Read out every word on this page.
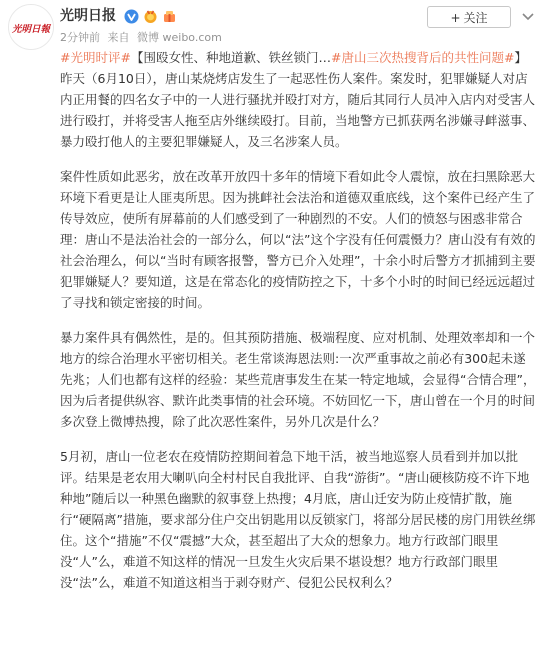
光明日報
光明日报
2分钟前 来自 微博 weibo.com
+ 关注

#光明时评#【围殴女性、种地道歉、铁丝锁门…#唐山三次热搜背后的共性问题#】昨天（6月10日），唐山某烧烤店发生了一起恶性伤人案件。案发时，犯罪嫌疑人对店内正用餐的四名女子中的一人进行骚扰并殴打对方，随后其同行人员冲入店内对受害人进行殴打，并将受害人拖至店外继续殴打。目前，当地警方已抓获两名涉嫌寻衅滋事、暴力殴打他人的主要犯罪嫌疑人，及三名涉案人员。

案件性质如此恶劣，放在改革开放四十多年的情境下看如此令人震惊，放在扫黑除恶大环境下看更是让人匪夷所思。因为挑衅社会法治和道德双重底线，这个案件已经产生了传导效应，使所有屏幕前的人们感受到了一种剧烈的不安。人们的愤怒与困惑非常合理：唐山不是法治社会的一部分么，何以“法”这个字没有任何震慑力？唐山没有有效的社会治理么，何以“当时有顾客报警，警方已介入处理”，十余小时后警方才抓捕到主要犯罪嫌疑人？要知道，这是在常态化的疫情防控之下，十多个小时的时间已经远远超过了寻找和锁定密接的时间。

暴力案件具有偶然性，是的。但其预防措施、极端程度、应对机制、处理效率却和一个地方的综合治理水平密切相关。老生常谈海恩法则:一次严重事故之前必有300起未遂先兆；人们也都有这样的经验：某些荒唐事发生在某一特定地域，会显得“合情合理”，因为后者提供纵容、默许此类事情的社会环境。不妨回忆一下，唐山曾在一个月的时间多次登上微博热搜，除了此次恶性案件，另外几次是什么？

5月初，唐山一位老农在疫情防控期间着急下地干活，被当地巡察人员看到并加以批评。结果是老农用大喇叭向全村村民自我批评、自我“游街”。“唐山硬核防疫不许下地种地”随后以一种黑色幽默的叙事登上热搜；4月底，唐山迁安为防止疫情扩散，施行“硬隔离”措施，要求部分住户交出钥匙用以反锁家门，将部分居民楼的房门用铁丝绑住。这个“措施”不仅“震撼”大众，甚至超出了大众的想象力。地方行政部门眼里没“人”么，难道不知这样的情况一旦发生火灾后果不堪设想？地方行政部门眼里没“法”么，难道不知道这相当于剥夺财产、侵犯公民权利么？
